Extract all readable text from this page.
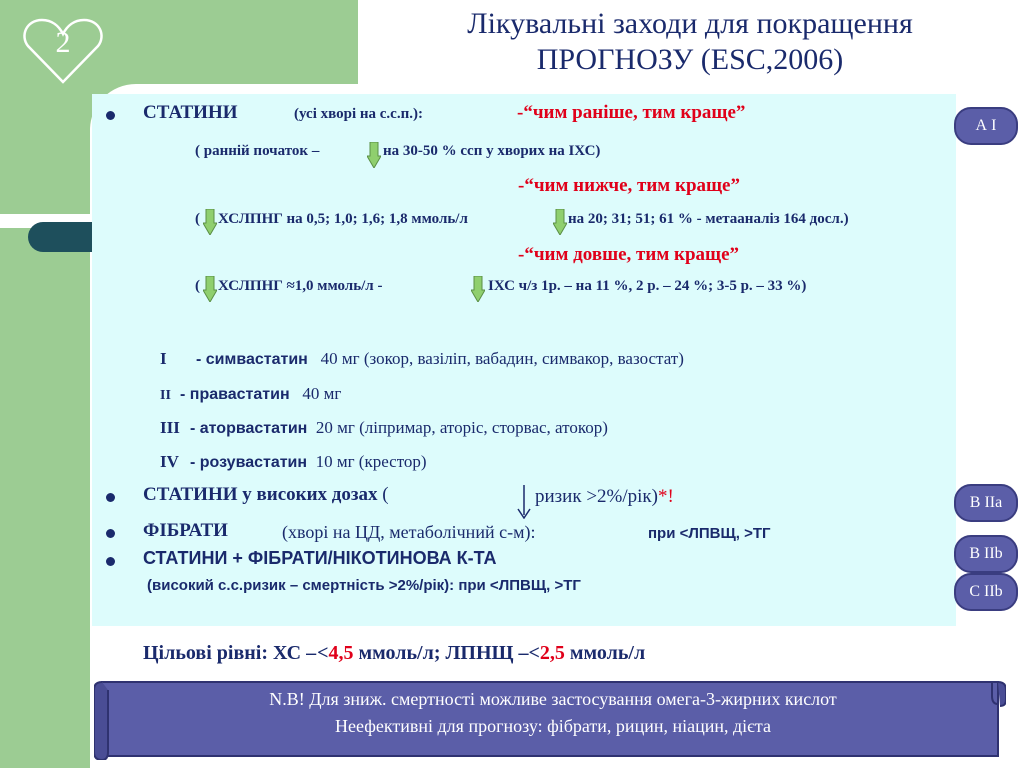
2
Лікувальні заходи для покращення
ПРОГНОЗУ (ESC,2006)
СТАТИНИ	(усі хворі на с.с.п.):	-“чим раніше, тим краще”
( ранній початок –	на 30-50 % ссп у хворих на ІХС)
-“чим нижче, тим краще”
( ХСЛПНГ на 0,5; 1,0; 1,6; 1,8 ммоль/л	на 20; 31; 51; 61 % - метааналіз 164 досл.)
-“чим довше, тим краще”
( ХСЛПНГ ≈1,0 ммоль/л -	ІХС ч/з 1р. – на 11 %, 2 р. – 24 %; 3-5 р. – 33 %)
I - симвастатин 40 мг (зокор, вазіліп, вабадин, симвакор, вазостат)
II - правастатин 40 мг
III - аторвастатин 20 мг (ліпримар, аторіс, сторвас, атокор)
IV - розувастатин 10 мг (крестор)
СТАТИНИ у високих дозах (	ризик >2%/рік)*!
ФІБРАТИ	(хворі на ЦД, метаболічний с-м):	при <ЛПВЩ, >ТГ
СТАТИНИ + ФІБРАТИ/НІКОТИНОВА К-ТА
(високий с.с.ризик – смертність >2%/рік): при <ЛПВЩ, >ТГ
А І
В ІІа
В ІІb
С ІІb
Цільові рівні: ХС – <4,5 ммоль/л; ЛПНЩ –<2,5 ммоль/л
N.B! Для зниж. смертності можливе застосування омега-3-жирних кислот
Неефективні для прогнозу: фібрати, рицин, ніацин, дієта
